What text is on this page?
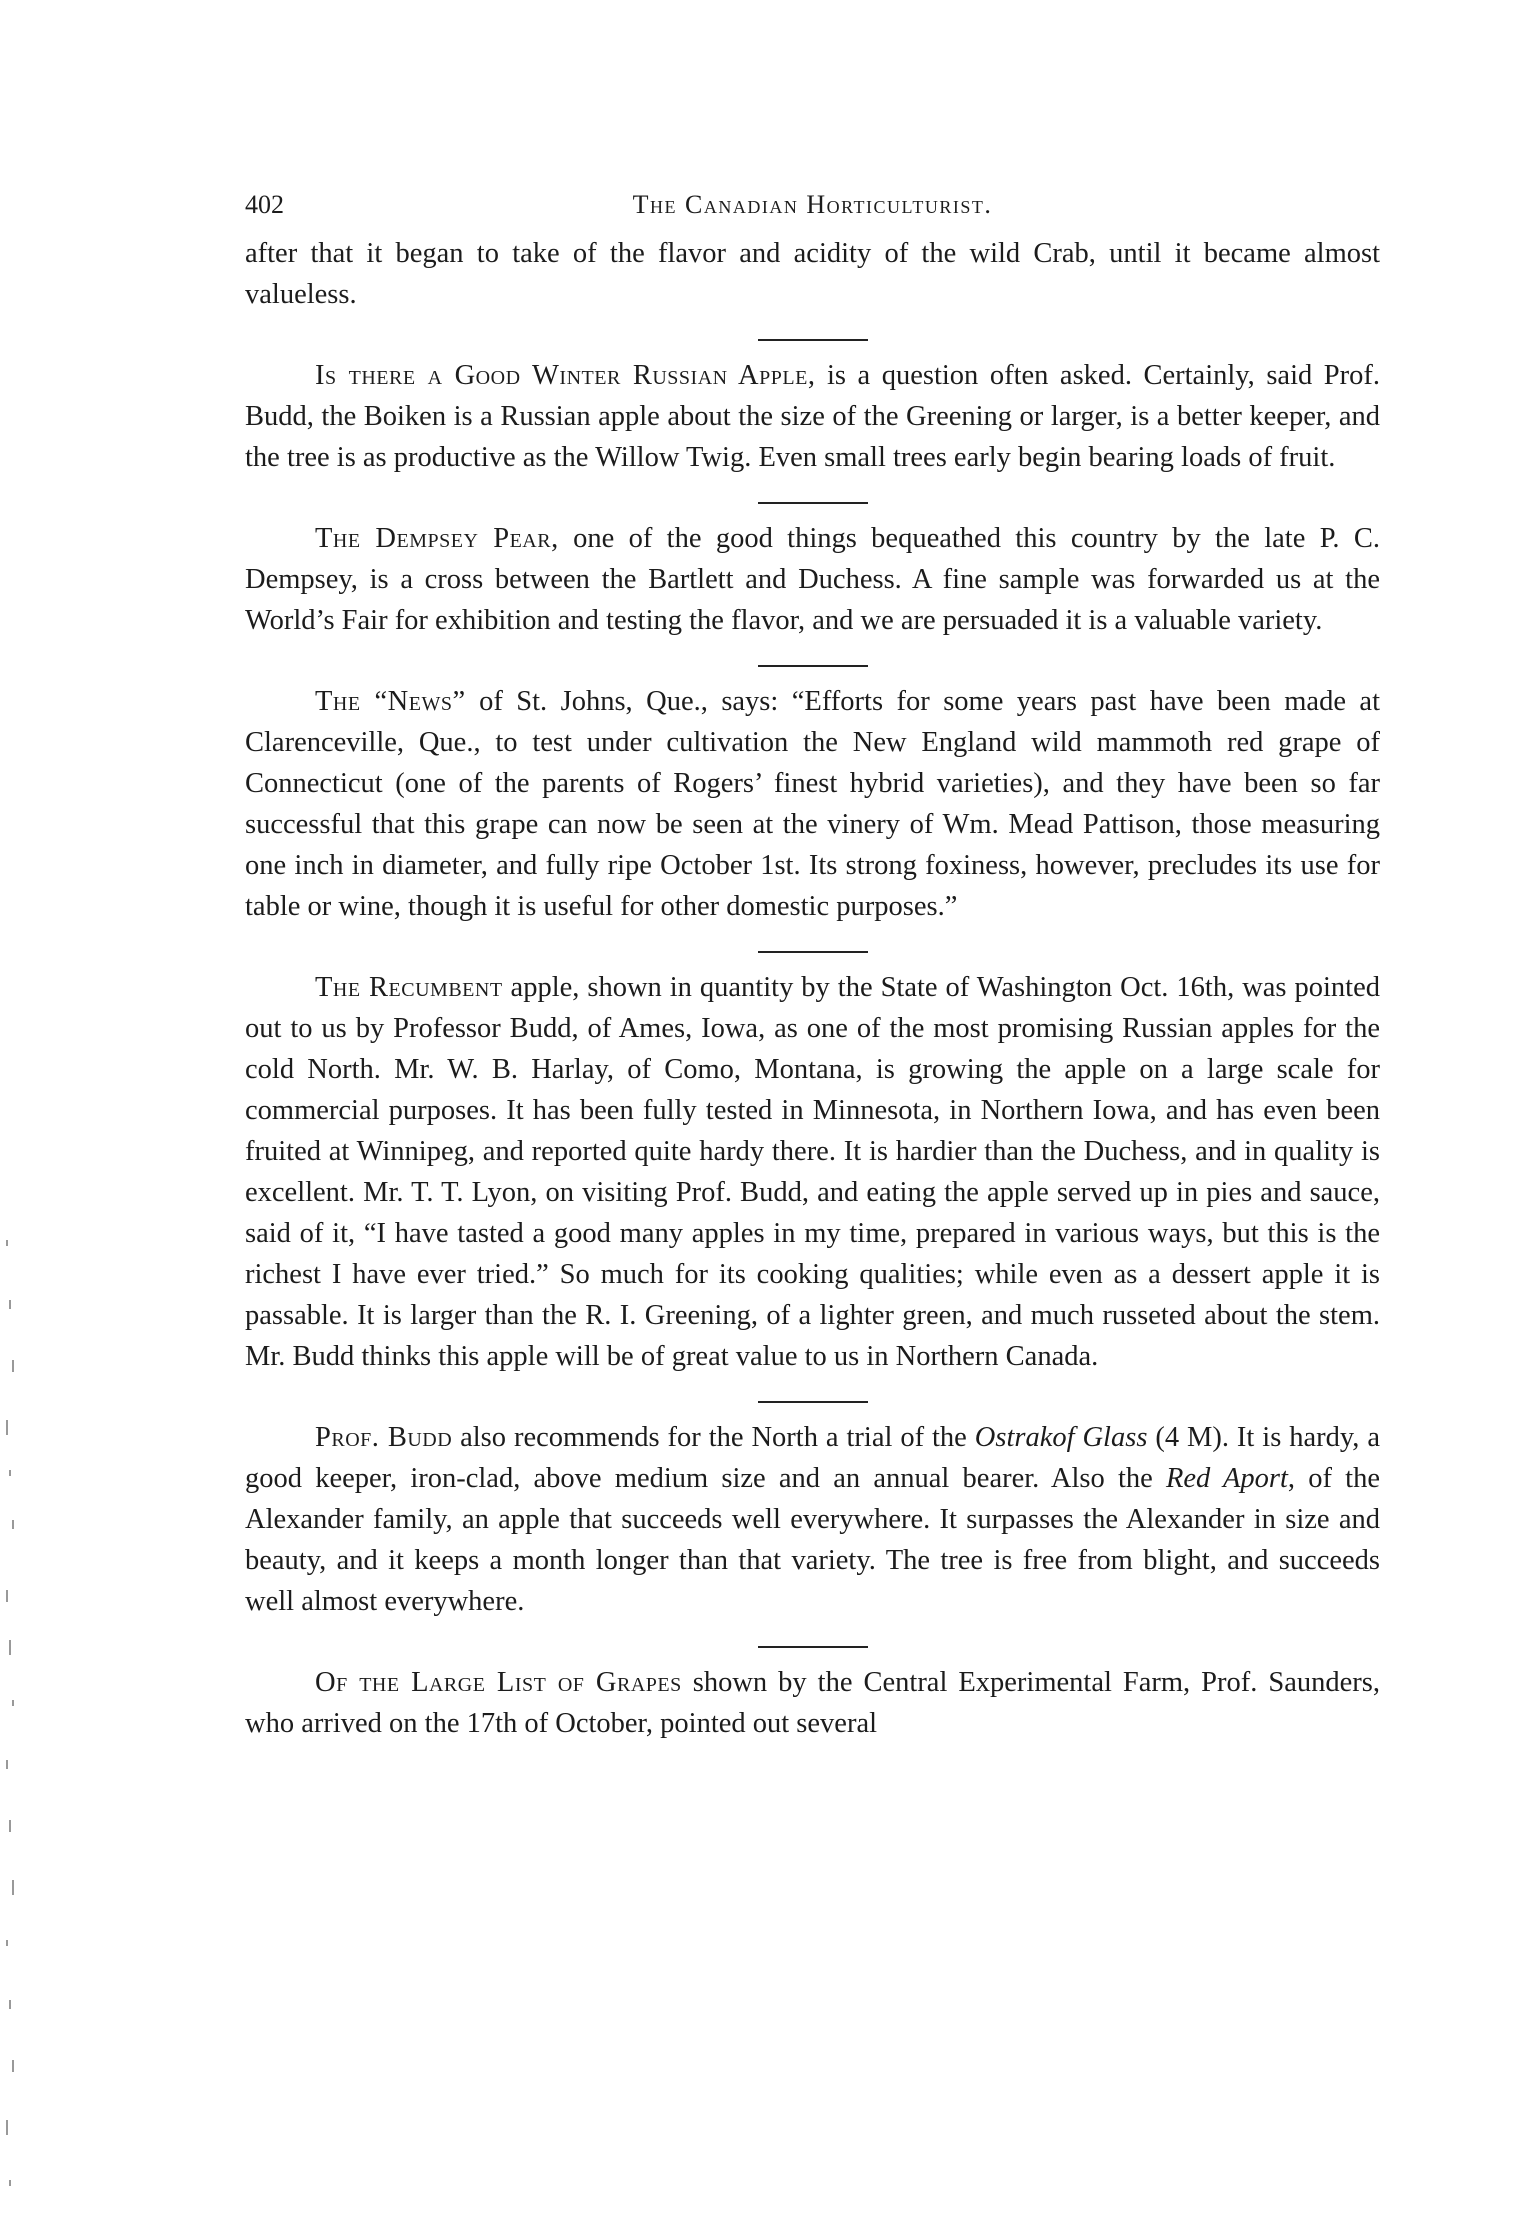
402	The Canadian Horticulturist.

after that it began to take of the flavor and acidity of the wild Crab, until it became almost valueless.

Is there a Good Winter Russian Apple, is a question often asked. Certainly, said Prof. Budd, the Boiken is a Russian apple about the size of the Greening or larger, is a better keeper, and the tree is as productive as the Willow Twig. Even small trees early begin bearing loads of fruit.

The Dempsey Pear, one of the good things bequeathed this country by the late P. C. Dempsey, is a cross between the Bartlett and Duchess. A fine sample was forwarded us at the World’s Fair for exhibition and testing the flavor, and we are persuaded it is a valuable variety.

The “News” of St. Johns, Que., says: “Efforts for some years past have been made at Clarenceville, Que., to test under cultivation the New England wild mammoth red grape of Connecticut (one of the parents of Rogers’ finest hybrid varieties), and they have been so far successful that this grape can now be seen at the vinery of Wm. Mead Pattison, those measuring one inch in diameter, and fully ripe October 1st. Its strong foxiness, however, precludes its use for table or wine, though it is useful for other domestic purposes.”

The Recumbent apple, shown in quantity by the State of Washington Oct. 16th, was pointed out to us by Professor Budd, of Ames, Iowa, as one of the most promising Russian apples for the cold North. Mr. W. B. Harlay, of Como, Montana, is growing the apple on a large scale for commercial purposes. It has been fully tested in Minnesota, in Northern Iowa, and has even been fruited at Winnipeg, and reported quite hardy there. It is hardier than the Duchess, and in quality is excellent. Mr. T. T. Lyon, on visiting Prof. Budd, and eating the apple served up in pies and sauce, said of it, “I have tasted a good many apples in my time, prepared in various ways, but this is the richest I have ever tried.” So much for its cooking qualities; while even as a dessert apple it is passable. It is larger than the R. I. Greening, of a lighter green, and much russeted about the stem. Mr. Budd thinks this apple will be of great value to us in Northern Canada.

Prof. Budd also recommends for the North a trial of the Ostrakof Glass (4 M). It is hardy, a good keeper, iron-clad, above medium size and an annual bearer. Also the Red Aport, of the Alexander family, an apple that succeeds well everywhere. It surpasses the Alexander in size and beauty, and it keeps a month longer than that variety. The tree is free from blight, and succeeds well almost everywhere.

Of the Large List of Grapes shown by the Central Experimental Farm, Prof. Saunders, who arrived on the 17th of October, pointed out several
